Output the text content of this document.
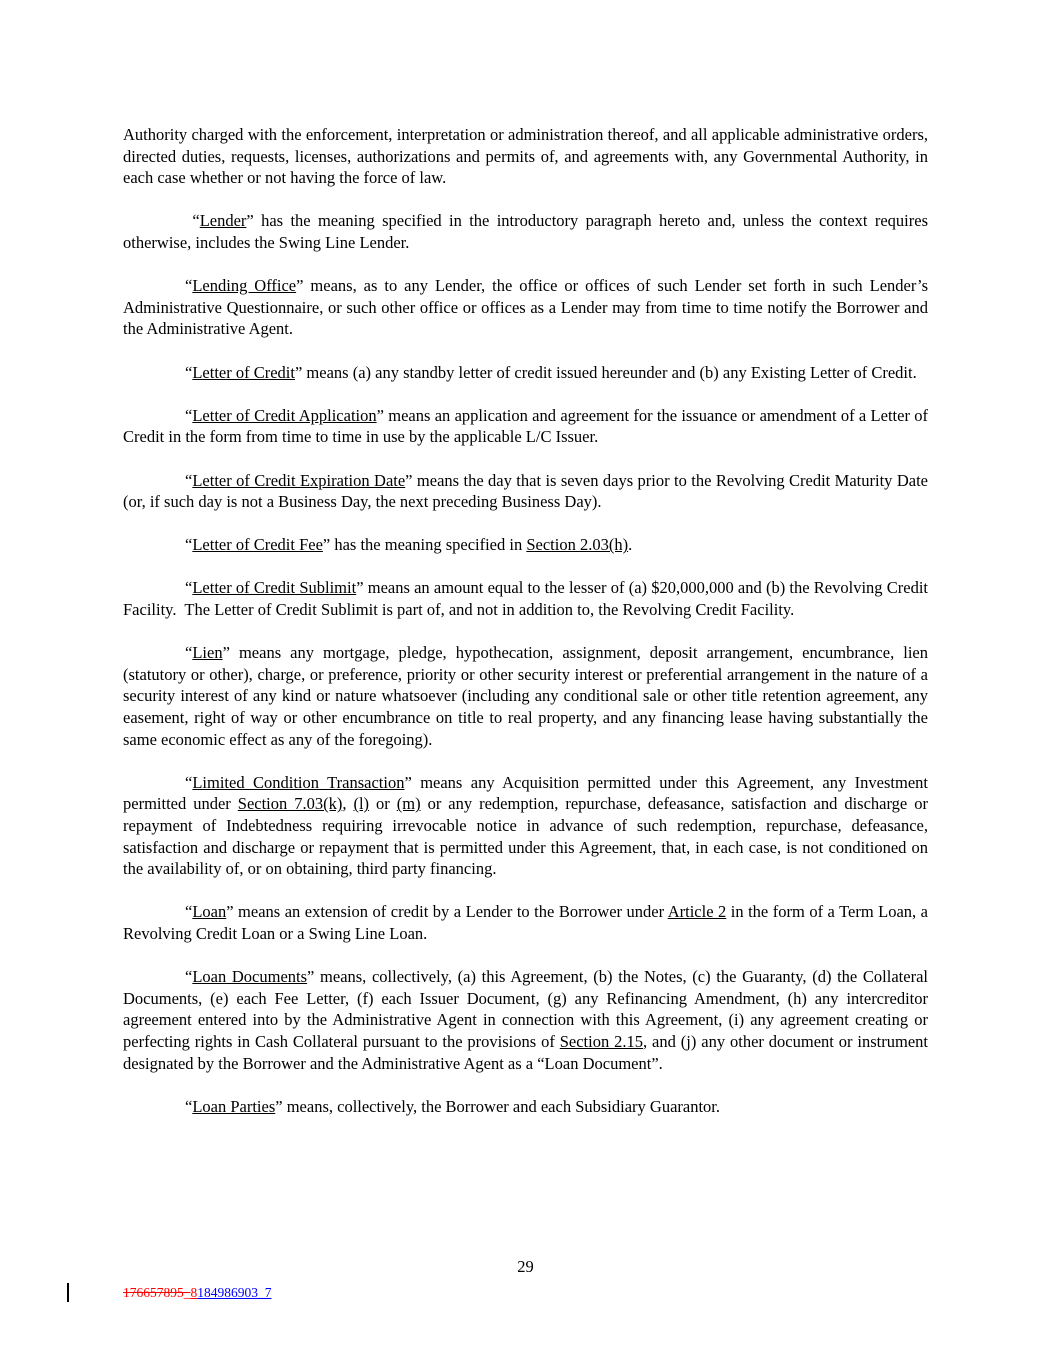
Authority charged with the enforcement, interpretation or administration thereof, and all applicable administrative orders, directed duties, requests, licenses, authorizations and permits of, and agreements with, any Governmental Authority, in each case whether or not having the force of law.

“Lender” has the meaning specified in the introductory paragraph hereto and, unless the context requires otherwise, includes the Swing Line Lender.

“Lending Office” means, as to any Lender, the office or offices of such Lender set forth in such Lender’s Administrative Questionnaire, or such other office or offices as a Lender may from time to time notify the Borrower and the Administrative Agent.

“Letter of Credit” means (a) any standby letter of credit issued hereunder and (b) any Existing Letter of Credit.

“Letter of Credit Application” means an application and agreement for the issuance or amendment of a Letter of Credit in the form from time to time in use by the applicable L/C Issuer.

“Letter of Credit Expiration Date” means the day that is seven days prior to the Revolving Credit Maturity Date (or, if such day is not a Business Day, the next preceding Business Day).

“Letter of Credit Fee” has the meaning specified in Section 2.03(h).

“Letter of Credit Sublimit” means an amount equal to the lesser of (a) $20,000,000 and (b) the Revolving Credit Facility.  The Letter of Credit Sublimit is part of, and not in addition to, the Revolving Credit Facility.

“Lien” means any mortgage, pledge, hypothecation, assignment, deposit arrangement, encumbrance, lien (statutory or other), charge, or preference, priority or other security interest or preferential arrangement in the nature of a security interest of any kind or nature whatsoever (including any conditional sale or other title retention agreement, any easement, right of way or other encumbrance on title to real property, and any financing lease having substantially the same economic effect as any of the foregoing).

“Limited Condition Transaction” means any Acquisition permitted under this Agreement, any Investment permitted under Section 7.03(k), (l) or (m) or any redemption, repurchase, defeasance, satisfaction and discharge or repayment of Indebtedness requiring irrevocable notice in advance of such redemption, repurchase, defeasance, satisfaction and discharge or repayment that is permitted under this Agreement, that, in each case, is not conditioned on the availability of, or on obtaining, third party financing.

“Loan” means an extension of credit by a Lender to the Borrower under Article 2 in the form of a Term Loan, a Revolving Credit Loan or a Swing Line Loan.

“Loan Documents” means, collectively, (a) this Agreement, (b) the Notes, (c) the Guaranty, (d) the Collateral Documents, (e) each Fee Letter, (f) each Issuer Document, (g) any Refinancing Amendment, (h) any intercreditor agreement entered into by the Administrative Agent in connection with this Agreement, (i) any agreement creating or perfecting rights in Cash Collateral pursuant to the provisions of Section 2.15, and (j) any other document or instrument designated by the Borrower and the Administrative Agent as a “Loan Document”.

“Loan Parties” means, collectively, the Borrower and each Subsidiary Guarantor.

29
176657895_8184986903_7
